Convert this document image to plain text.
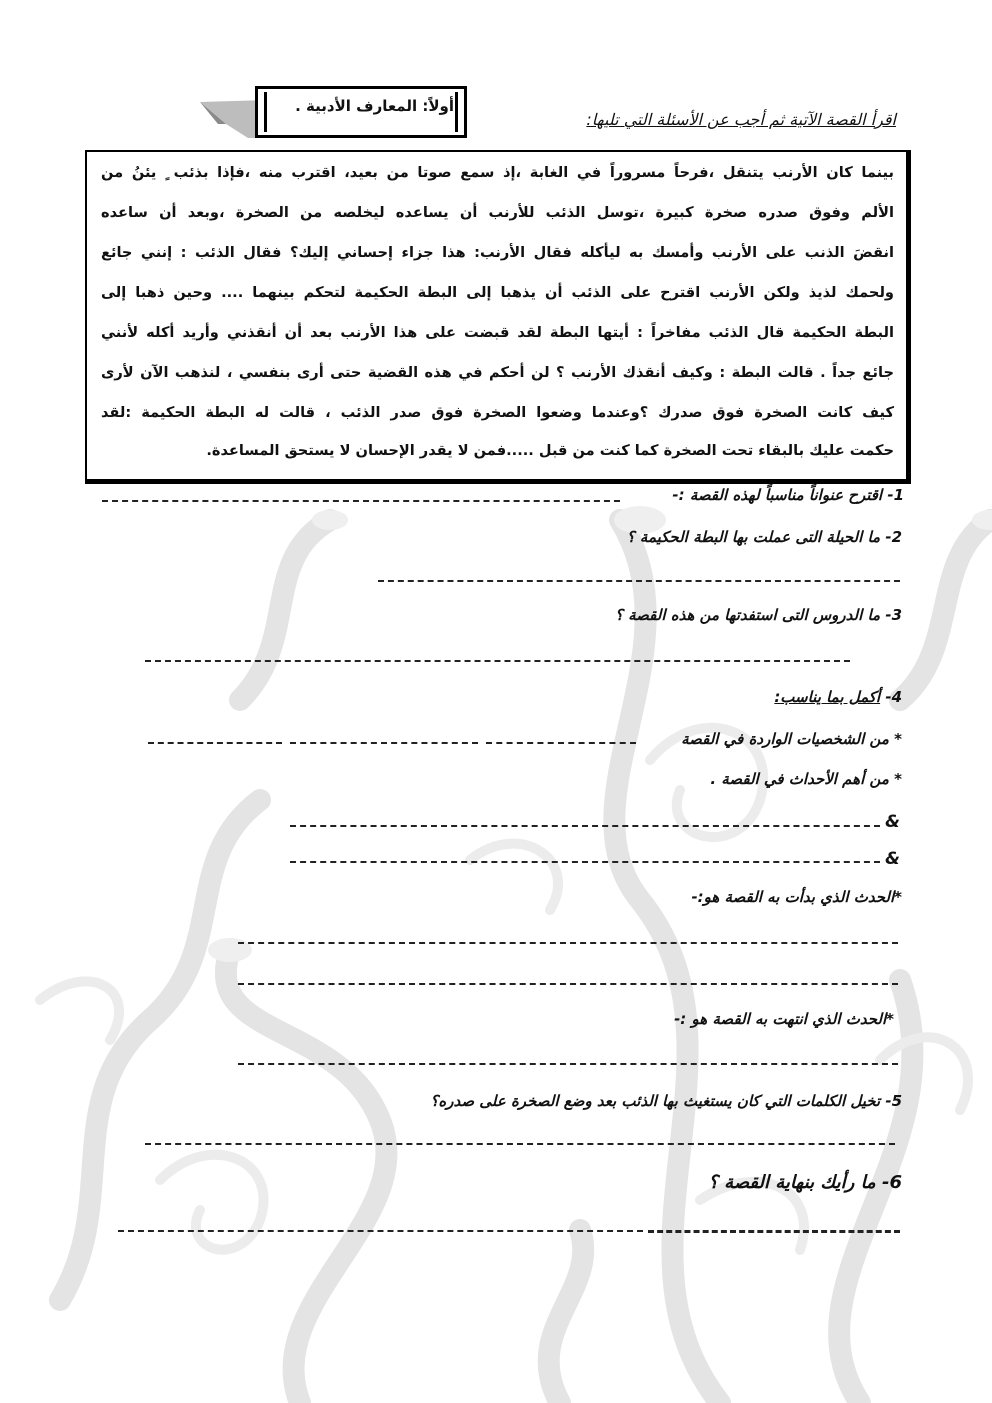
أولاً: المعارف الأدبية .
اقرأ القصة الآتية ثم أجب عن الأسئلة التي تليها:
بينما كان الأرنب يتنقل ،فرحاً مسروراً في الغابة ،إذ سمع صوتا من بعيد، اقترب منه ،فإذا بذئب ٍ يئنُ من
الألم وفوق صدره صخرة كبيرة ،توسل الذئب للأرنب أن يساعده ليخلصه من الصخرة ،وبعد أن ساعده
انقضَ الذنب على الأرنب وأمسك به ليأكله فقال الأرنب: هذا جزاء إحساني إليك؟ فقال الذئب : إنني جائع
ولحمك لذيذ ولكن الأرنب اقترح على الذئب أن يذهبا إلى البطة الحكيمة لتحكم بينهما .... وحين ذهبا إلى
البطة الحكيمة قال الذئب مفاخراً : أيتها البطة لقد قبضت على هذا الأرنب بعد أن أنقذني وأريد أكله لأنني
جائع جداً . قالت البطة : وكيف أنقذك الأرنب ؟ لن أحكم في هذه القضية حتى أرى بنفسي ، لنذهب الآن لأرى
كيف كانت الصخرة فوق صدرك ؟وعندما وضعوا الصخرة فوق صدر الذئب ، قالت له البطة الحكيمة :لقد
حكمت عليك بالبقاء تحت الصخرة كما كنت من قبل .....فمن لا يقدر الإحسان لا يستحق المساعدة.
1- اقترح عنواناً مناسباً لهذه القصة :-
2- ما الحيلة التى عملت بها البطة الحكيمة ؟
3- ما الدروس التى استفدتها من هذه القصة ؟
4- أكمل بما يناسب:
* من الشخصيات الواردة في القصة
* من أهم الأحداث في القصة .
&
&
*الحدث الذي بدأت به القصة هو:-
*الحدث الذي انتهت به القصة هو :-
5- تخيل الكلمات التي كان يستغيث بها الذئب بعد وضع الصخرة على صدره؟
6- ما رأيك بنهاية القصة ؟
